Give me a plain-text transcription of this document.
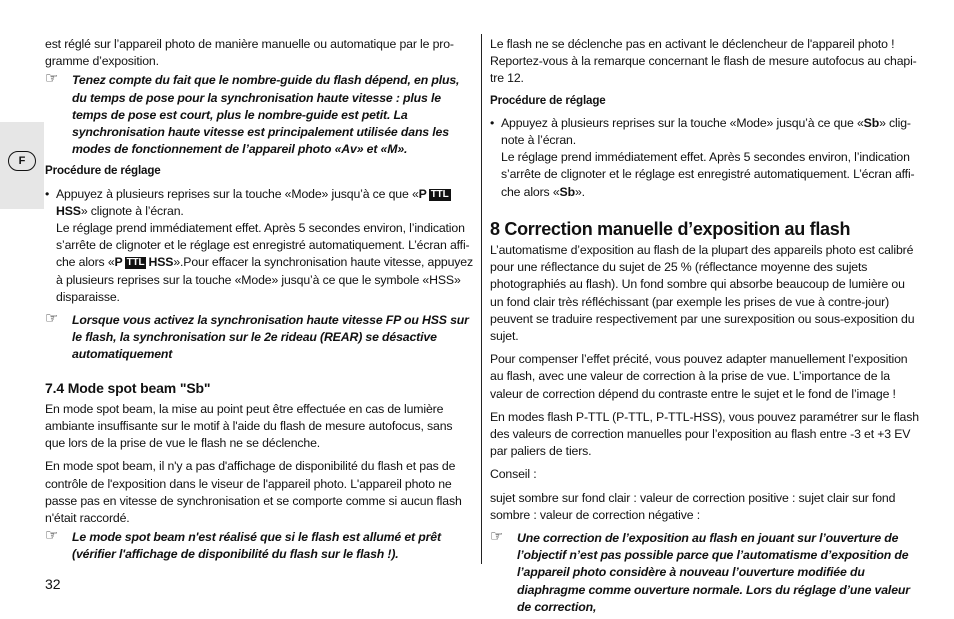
F

est réglé sur l’appareil photo de manière manuelle ou automatique par le programme d’exposition.

☞ Tenez compte du fait que le nombre-guide du flash dépend, en plus, du temps de pose pour la synchronisation haute vitesse : plus le temps de pose est court, plus le nombre-guide est petit. La synchronisation haute vitesse est principalement utilisée dans les modes de fonctionnement de l’appareil photo «Av» et «M».
Procédure de réglage
• Appuyez à plusieurs reprises sur la touche «Mode» jusqu’à ce que «P TTLHSS» clignote à l’écran.
Le réglage prend immédiatement effet. Après 5 secondes environ, l’indication s’arrête de clignoter et le réglage est enregistré automatiquement. L’écran affiche alors «P TTL HSS».Pour effacer la synchronisation haute vitesse, appuyez à plusieurs reprises sur la touche «Mode» jusqu’à ce que le symbole «HSS» disparaisse.
☞ Lorsque vous activez la synchronisation haute vitesse FP ou HSS sur le flash, la synchronisation sur le 2e rideau (REAR) se désactive automatiquement
7.4 Mode spot beam "Sb"

En mode spot beam, la mise au point peut être effectuée en cas de lumière ambiante insuffisante sur le motif à l'aide du flash de mesure autofocus, sans que lors de la prise de vue le flash ne se déclenche.

En mode spot beam, il n'y a pas d'affichage de disponibilité du flash et pas de contrôle de l'exposition dans le viseur de l'appareil photo. L'appareil photo ne passe pas en vitesse de synchronisation et se comporte comme si aucun flash n'était raccordé.

☞ Le mode spot beam n'est réalisé que si le flash est allumé et prêt (vérifier l'affichage de disponibilité du flash sur le flash !).

Le flash ne se déclenche pas en activant le déclencheur de l'appareil photo ! Reportez-vous à la remarque concernant le flash de mesure autofocus au chapitre 12.

Procédure de réglage
• Appuyez à plusieurs reprises sur la touche «Mode» jusqu’à ce que «Sb» clignote à l’écran.
Le réglage prend immédiatement effet. Après 5 secondes environ, l’indication s’arrête de clignoter et le réglage est enregistré automatiquement. L’écran affiche alors «Sb».
8 Correction manuelle d’exposition au flash

L’automatisme d’exposition au flash de la plupart des appareils photo est calibré pour une réflectance du sujet de 25 % (réflectance moyenne des sujets photographiés au flash). Un fond sombre qui absorbe beaucoup de lumière ou un fond clair très réfléchissant (par exemple les prises de vue à contre-jour) peuvent se traduire respectivement par une surexposition ou sous-exposition du sujet.

Pour compenser l’effet précité, vous pouvez adapter manuellement l’exposition au flash, avec une valeur de correction à la prise de vue. L’importance de la valeur de correction dépend du contraste entre le sujet et le fond de l’image !

En modes flash P-TTL (P-TTL, P-TTL-HSS), vous pouvez paramétrer sur le flash des valeurs de correction manuelles pour l’exposition au flash entre -3 et +3 EV par paliers de tiers.

Conseil :

sujet sombre sur fond clair : valeur de correction positive : sujet clair sur fond sombre : valeur de correction négative :

☞ Une correction de l’exposition au flash en jouant sur l’ouverture de l’objectif n’est pas possible parce que l’automatisme d’exposition de l’appareil photo considère à nouveau l’ouverture modifiée du diaphragme comme ouverture normale. Lors du réglage d’une valeur de correction,
32
